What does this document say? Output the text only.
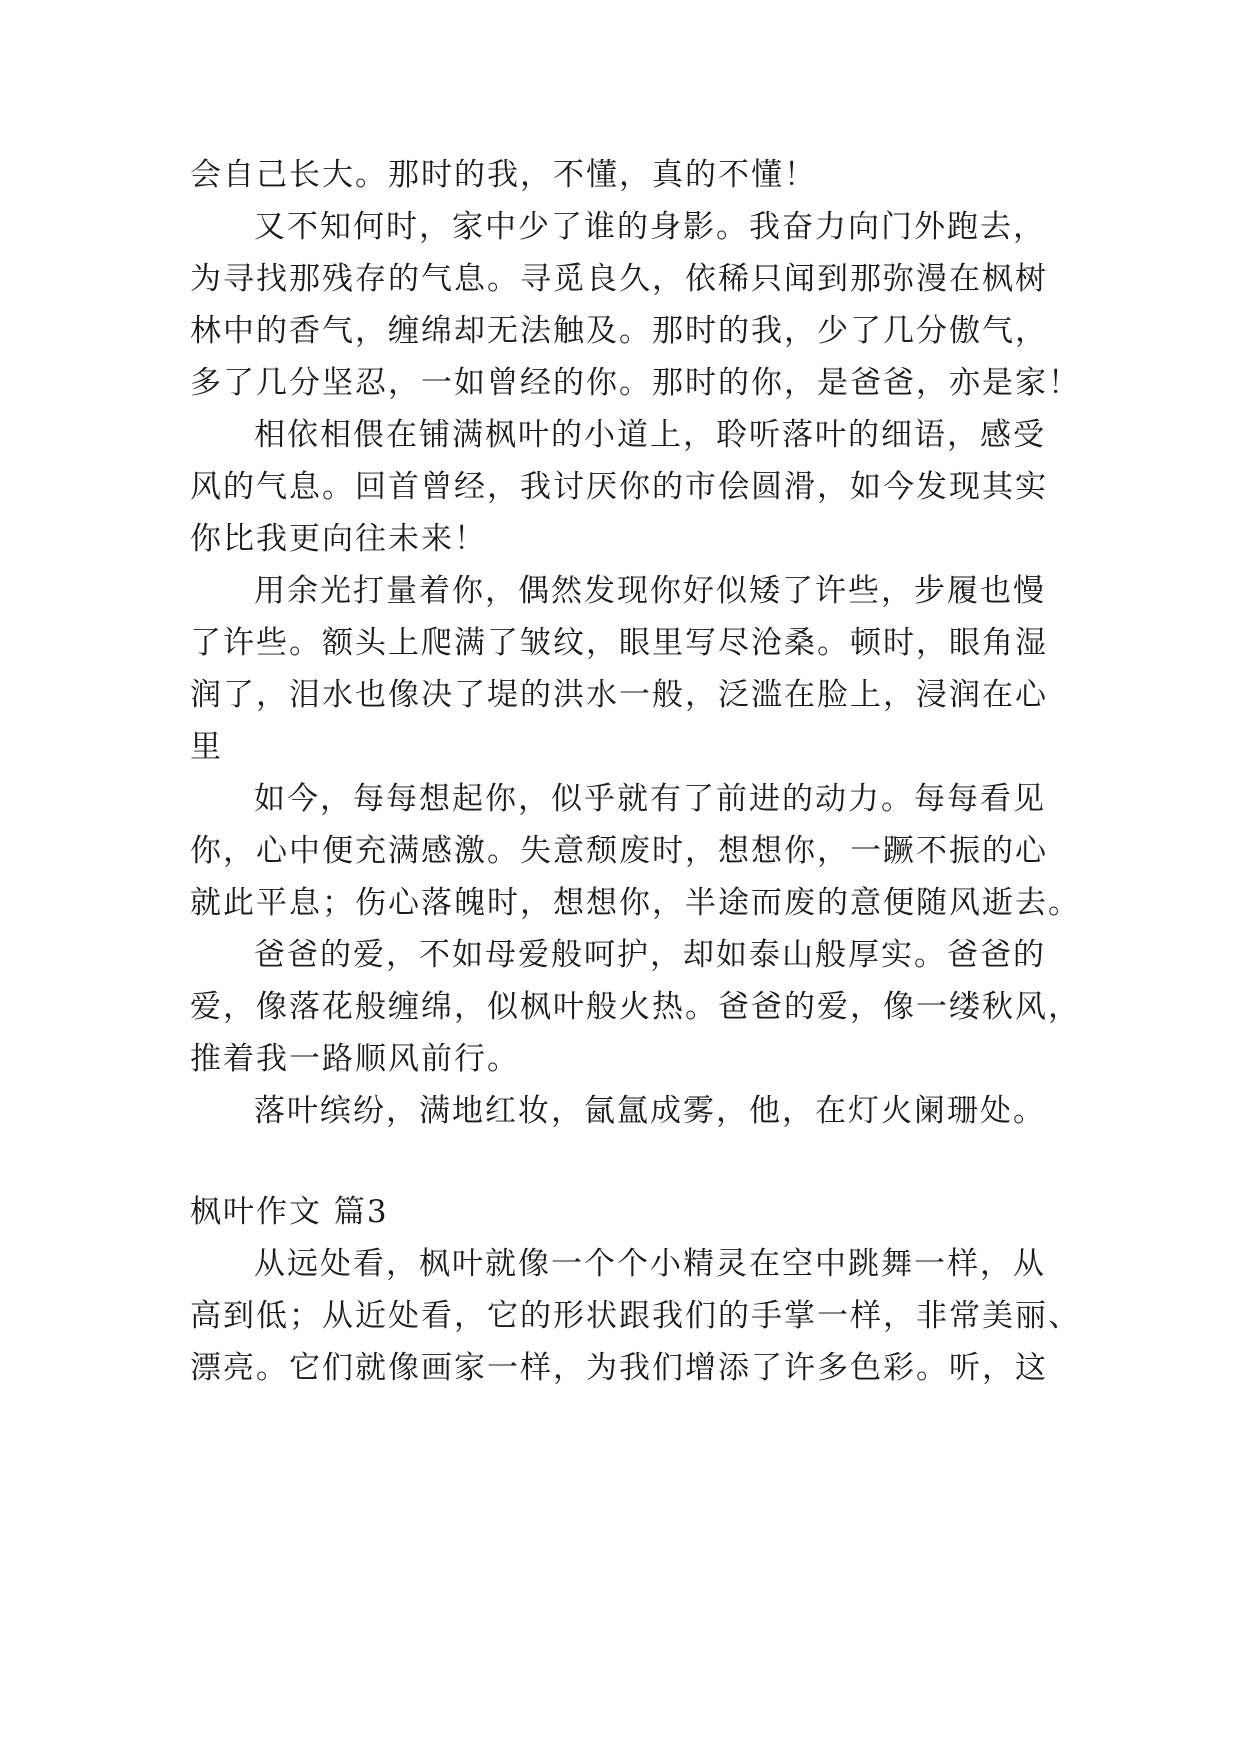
会自己长大。那时的我，不懂，真的不懂！
又不知何时，家中少了谁的身影。我奋力向门外跑去，
为寻找那残存的气息。寻觅良久，依稀只闻到那弥漫在枫树
林中的香气，缠绵却无法触及。那时的我，少了几分傲气，
多了几分坚忍，一如曾经的你。那时的你，是爸爸，亦是家！
相依相偎在铺满枫叶的小道上，聆听落叶的细语，感受
风的气息。回首曾经，我讨厌你的市侩圆滑，如今发现其实
你比我更向往未来！
用余光打量着你，偶然发现你好似矮了许些，步履也慢
了许些。额头上爬满了皱纹，眼里写尽沧桑。顿时，眼角湿
润了，泪水也像决了堤的洪水一般，泛滥在脸上，浸润在心
里
如今，每每想起你，似乎就有了前进的动力。每每看见
你，心中便充满感激。失意颓废时，想想你，一蹶不振的心
就此平息；伤心落魄时，想想你，半途而废的意便随风逝去。
爸爸的爱，不如母爱般呵护，却如泰山般厚实。爸爸的
爱，像落花般缠绵，似枫叶般火热。爸爸的爱，像一缕秋风，
推着我一路顺风前行。
落叶缤纷，满地红妆，氤氲成雾，他，在灯火阑珊处。
枫叶作文 篇3
从远处看，枫叶就像一个个小精灵在空中跳舞一样，从
高到低；从近处看，它的形状跟我们的手掌一样，非常美丽、
漂亮。它们就像画家一样，为我们增添了许多色彩。听，这
